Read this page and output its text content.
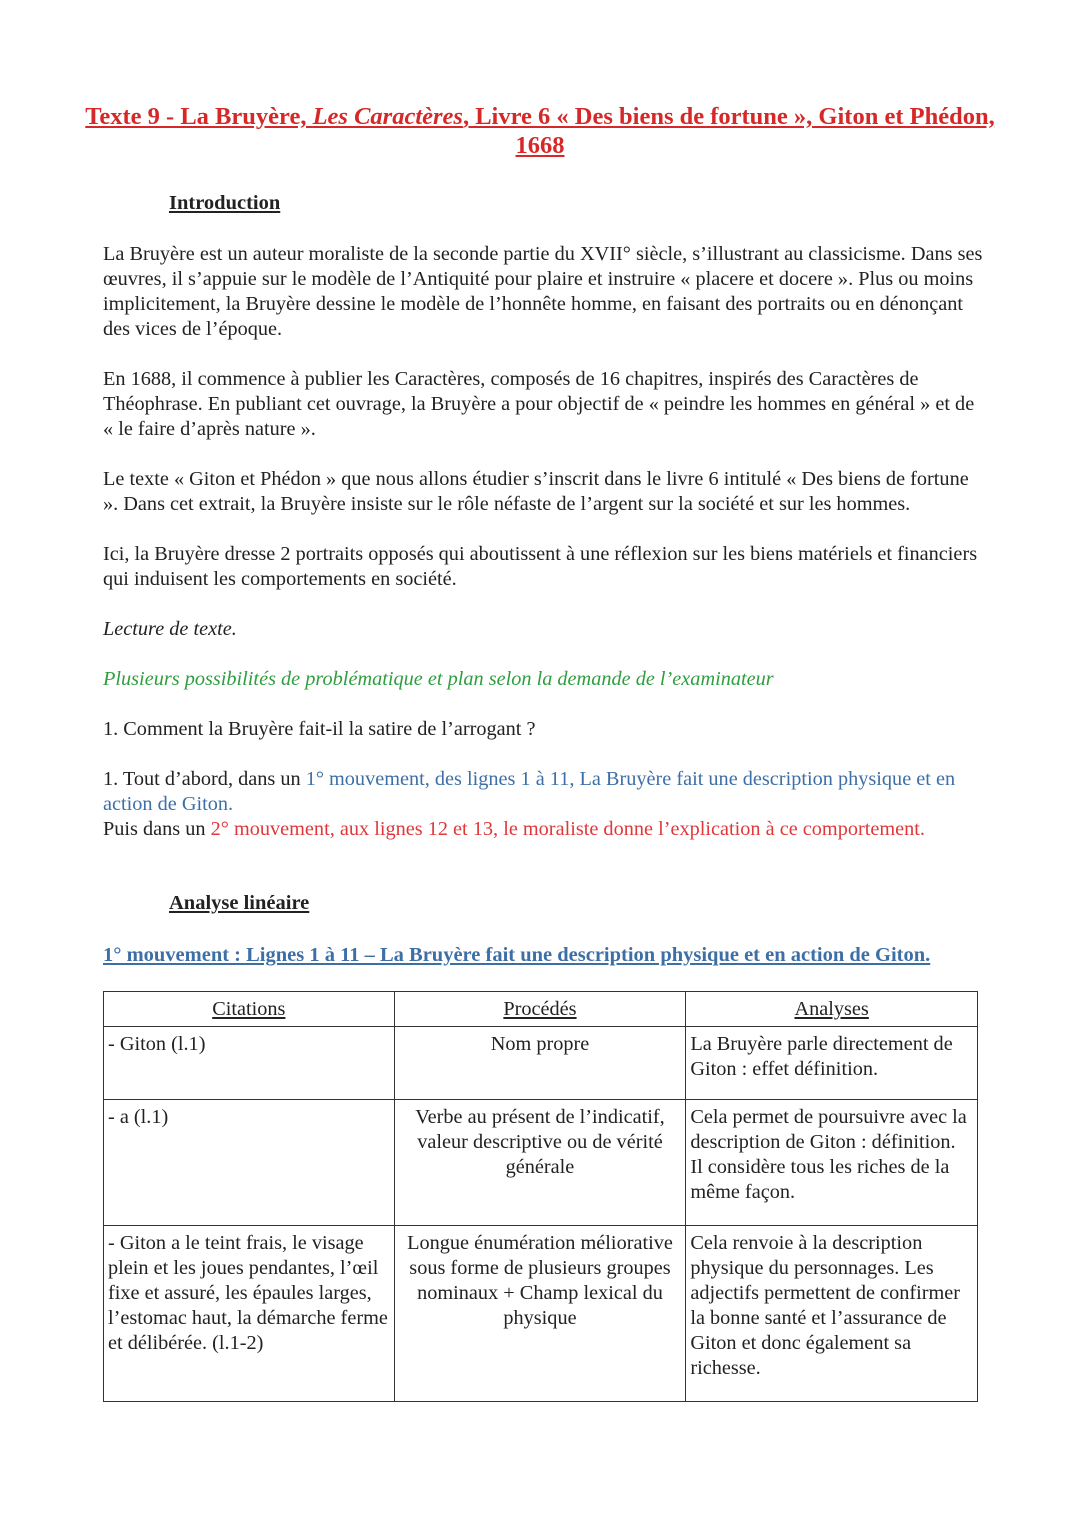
Texte 9 - La Bruyère, Les Caractères, Livre 6 « Des biens de fortune », Giton et Phédon, 1668
Introduction
La Bruyère est un auteur moraliste de la seconde partie du XVII° siècle, s’illustrant au classicisme. Dans ses œuvres, il s’appuie sur le modèle de l’Antiquité pour plaire et instruire « placere et docere ». Plus ou moins implicitement, la Bruyère dessine le modèle de l’honnête homme, en faisant des portraits ou en dénonçant des vices de l’époque.
En 1688, il commence à publier les Caractères, composés de 16 chapitres, inspirés des Caractères de Théophrase. En publiant cet ouvrage, la Bruyère a pour objectif de « peindre les hommes en général » et de « le faire d’après nature ».
Le texte « Giton et Phédon » que nous allons étudier s’inscrit dans le livre 6 intitulé « Des biens de fortune ». Dans cet extrait, la Bruyère insiste sur le rôle néfaste de l’argent sur la société et sur les hommes.
Ici, la Bruyère dresse 2 portraits opposés qui aboutissent à une réflexion sur les biens matériels et financiers qui induisent les comportements en société.
Lecture de texte.
Plusieurs possibilités de problématique et plan selon la demande de l’examinateur
1. Comment la Bruyère fait-il la satire de l’arrogant ?
1. Tout d’abord, dans un 1° mouvement, des lignes 1 à 11, La Bruyère fait une description physique et en action de Giton.
Puis dans un 2° mouvement, aux lignes 12 et 13, le moraliste donne l’explication à ce comportement.
Analyse linéaire
1° mouvement : Lignes 1 à 11 – La Bruyère fait une description physique et en action de Giton.
Citations	Procédés	Analyses
- Giton (l.1)	Nom propre	La Bruyère parle directement de Giton : effet définition.
- a (l.1)	Verbe au présent de l’indicatif, valeur descriptive ou de vérité générale	Cela permet de poursuivre avec la description de Giton : définition. Il considère tous les riches de la même façon.
- Giton a le teint frais, le visage plein et les joues pendantes, l’œil fixe et assuré, les épaules larges, l’estomac haut, la démarche ferme et délibérée. (l.1-2)	Longue énumération méliorative sous forme de plusieurs groupes nominaux + Champ lexical du physique	Cela renvoie à la description physique du personnages. Les adjectifs permettent de confirmer la bonne santé et l’assurance de Giton et donc également sa richesse.
